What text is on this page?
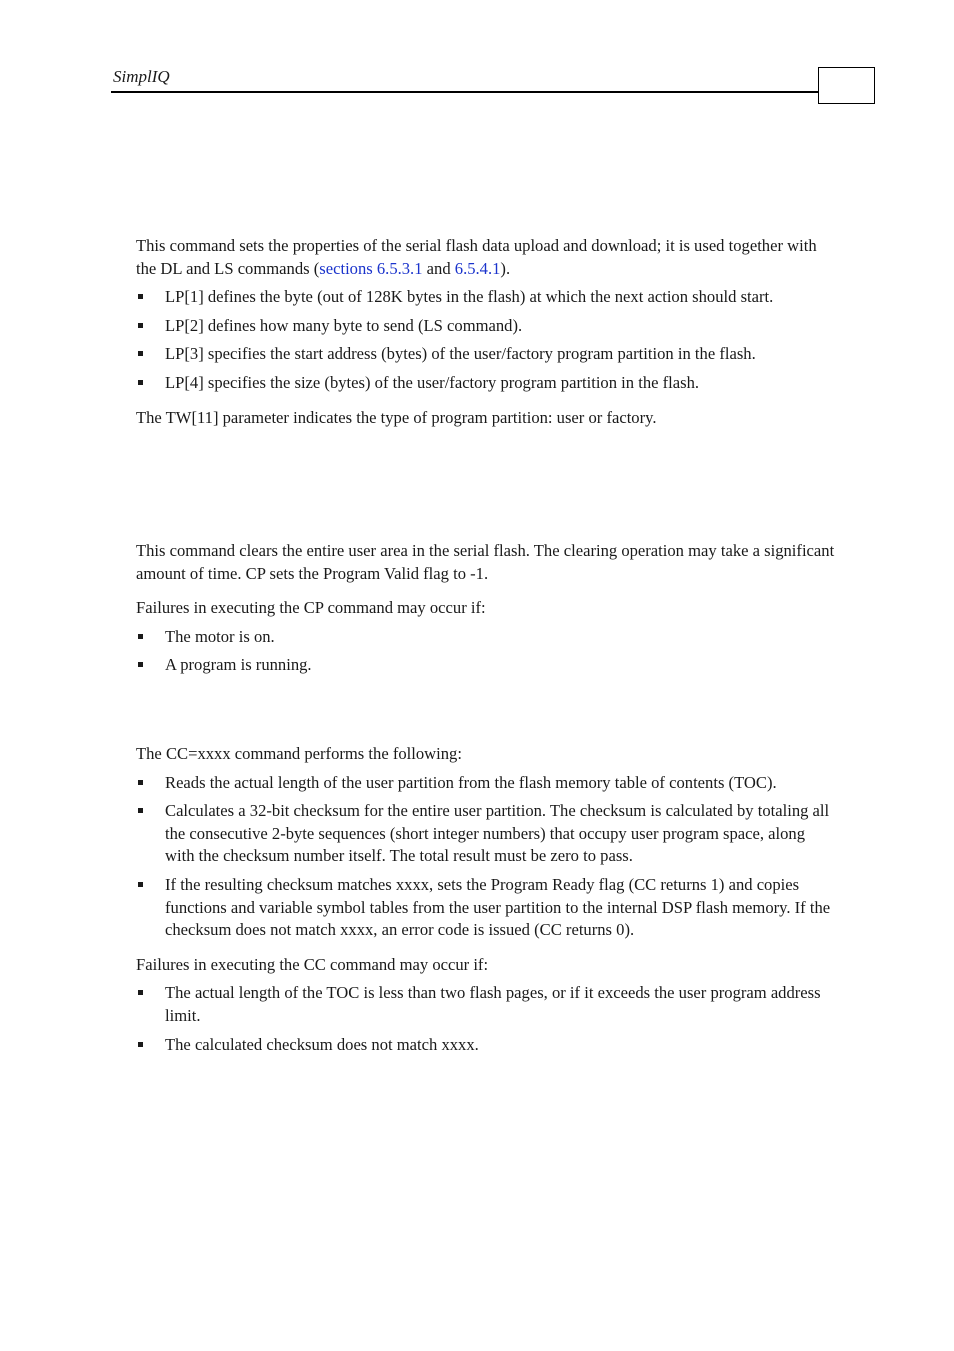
SimplIQ

This command sets the properties of the serial flash data upload and download; it is used together with the DL and LS commands (sections 6.5.3.1 and 6.5.4.1).

LP[1] defines the byte (out of 128K bytes in the flash) at which the next action should start.
LP[2] defines how many byte to send (LS command).
LP[3] specifies the start address (bytes) of the user/factory program partition in the flash.
LP[4] specifies the size (bytes) of the user/factory program partition in the flash.

The TW[11] parameter indicates the type of program partition: user or factory.

This command clears the entire user area in the serial flash. The clearing operation may take a significant amount of time. CP sets the Program Valid flag to -1.

Failures in executing the CP command may occur if:

The motor is on.
A program is running.

The CC=xxxx command performs the following:

Reads the actual length of the user partition from the flash memory table of contents (TOC).
Calculates a 32-bit checksum for the entire user partition. The checksum is calculated by totaling all the consecutive 2-byte sequences (short integer numbers) that occupy user program space, along with the checksum number itself. The total result must be zero to pass.
If the resulting checksum matches xxxx, sets the Program Ready flag (CC returns 1) and copies functions and variable symbol tables from the user partition to the internal DSP flash memory. If the checksum does not match xxxx, an error code is issued (CC returns 0).

Failures in executing the CC command may occur if:

The actual length of the TOC is less than two flash pages, or if it exceeds the user program address limit.
The calculated checksum does not match xxxx.
